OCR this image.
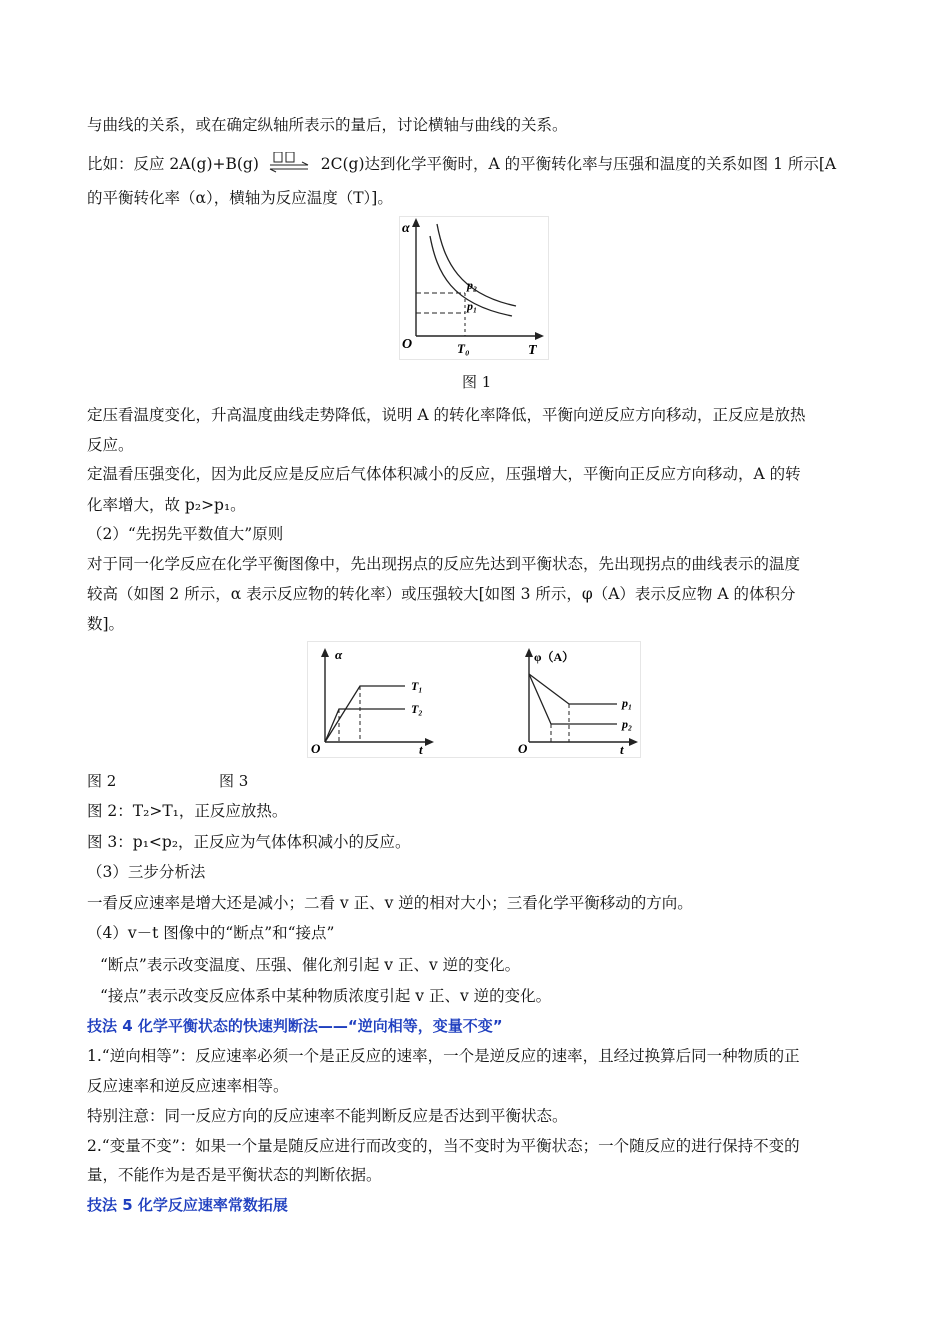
与曲线的关系，或在确定纵轴所表示的量后，讨论横轴与曲线的关系。
比如：反应 2A(g)+B(g) ⇌ 2C(g)达到化学平衡时，A 的平衡转化率与压强和温度的关系如图 1 所示[A
的平衡转化率（α），横轴为反应温度（T）]。
α
T
O	T₀
p₂
p₁
图 1
定压看温度变化，升高温度曲线走势降低，说明 A 的转化率降低，平衡向逆反应方向移动，正反应是放热
反应。
定温看压强变化，因为此反应是反应后气体体积减小的反应，压强增大，平衡向正反应方向移动，A 的转
化率增大，故 p₂>p₁。
（2）“先拐先平数值大”原则
对于同一化学反应在化学平衡图像中，先出现拐点的反应先达到平衡状态，先出现拐点的曲线表示的温度
较高（如图 2 所示，α 表示反应物的转化率）或压强较大[如图 3 所示，φ（A）表示反应物 A 的体积分
数]。
α
O	t
T₁
T₂
φ（A）
O	t
p₁
p₂
图 2	图 3
图 2：T₂>T₁，正反应放热。
图 3：p₁<p₂，正反应为气体体积减小的反应。
（3）三步分析法
一看反应速率是增大还是减小；二看 v 正、v 逆的相对大小；三看化学平衡移动的方向。
（4）v－t 图像中的“断点”和“接点”
“断点”表示改变温度、压强、催化剂引起 v 正、v 逆的变化。
“接点”表示改变反应体系中某种物质浓度引起 v 正、v 逆的变化。
技法 4 化学平衡状态的快速判断法——“逆向相等，变量不变”
1.“逆向相等”：反应速率必须一个是正反应的速率，一个是逆反应的速率，且经过换算后同一种物质的正
反应速率和逆反应速率相等。
特别注意：同一反应方向的反应速率不能判断反应是否达到平衡状态。
2.“变量不变”：如果一个量是随反应进行而改变的，当不变时为平衡状态；一个随反应的进行保持不变的
量，不能作为是否是平衡状态的判断依据。
技法 5 化学反应速率常数拓展
